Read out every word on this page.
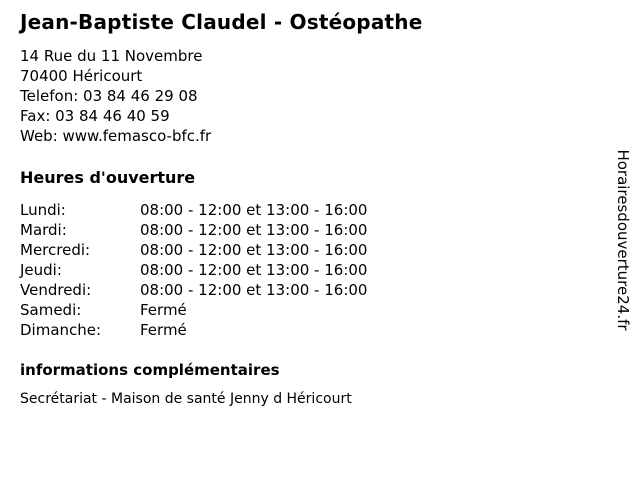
Jean-Baptiste Claudel - Ostéopathe
14 Rue du 11 Novembre
70400 Héricourt
Telefon: 03 84 46 29 08
Fax: 03 84 46 40 59
Web: www.femasco-bfc.fr
Heures d'ouverture
Lundi:	08:00 - 12:00 et 13:00 - 16:00
Mardi:	08:00 - 12:00 et 13:00 - 16:00
Mercredi:	08:00 - 12:00 et 13:00 - 16:00
Jeudi:	08:00 - 12:00 et 13:00 - 16:00
Vendredi:	08:00 - 12:00 et 13:00 - 16:00
Samedi:	Fermé
Dimanche:	Fermé
informations complémentaires
Secrétariat - Maison de santé Jenny d Héricourt
Horairesdouverture24.fr
